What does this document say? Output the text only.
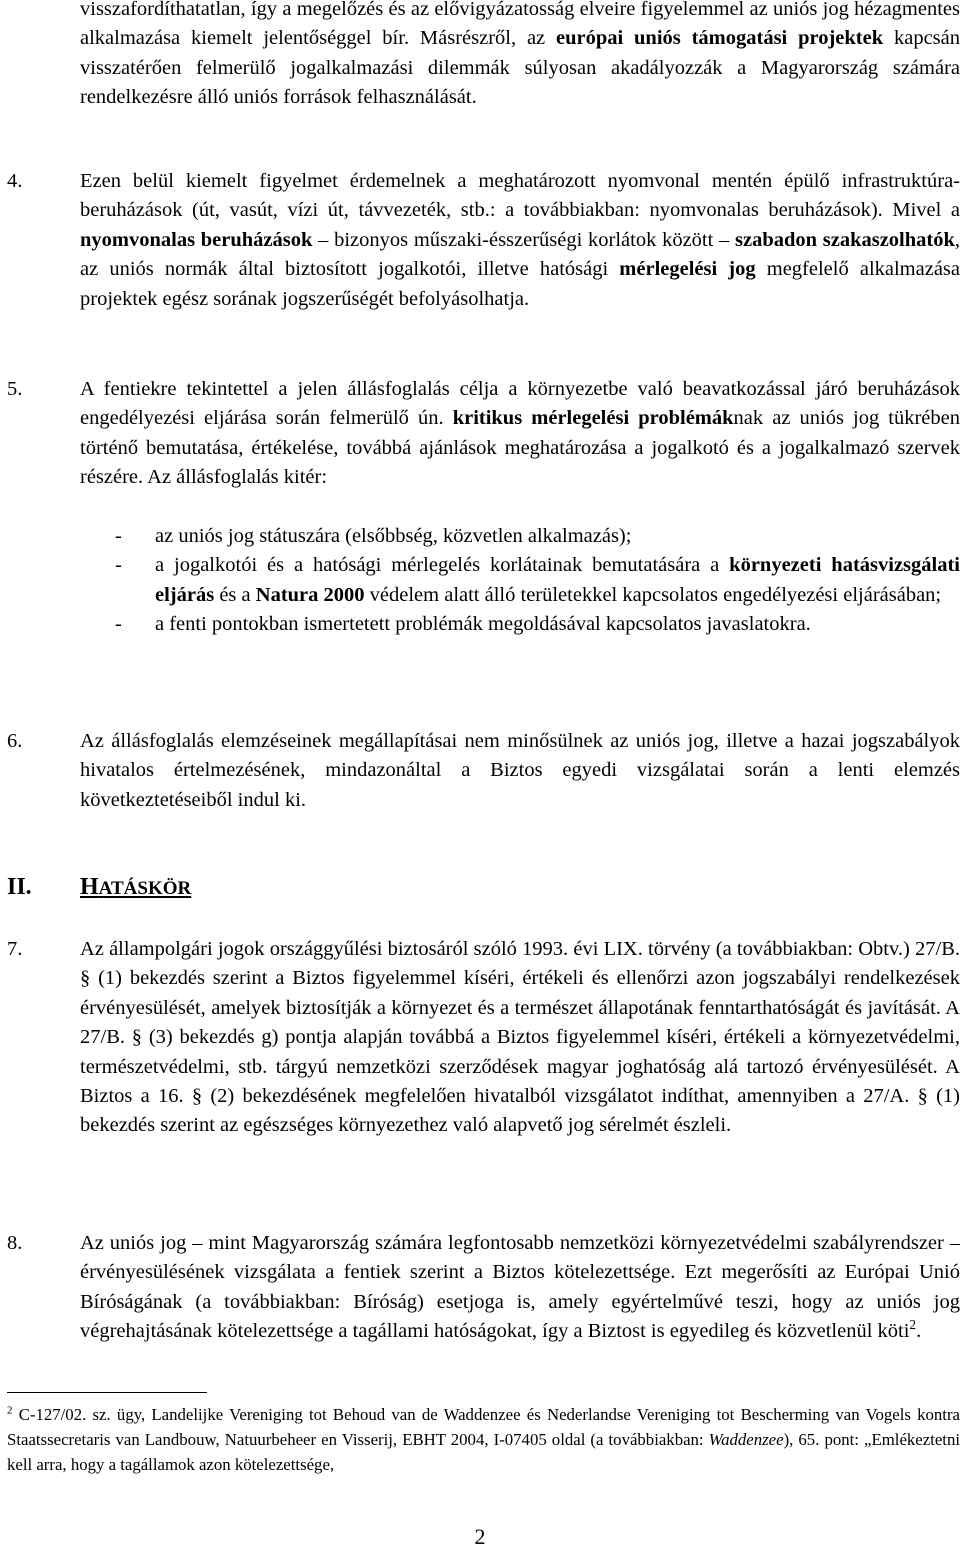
visszafordíthatatlan, így a megelőzés és az elővigyázatosság elveire figyelemmel az uniós jog hézagmentes alkalmazása kiemelt jelentőséggel bír. Másrészről, az európai uniós támogatási projektek kapcsán visszatérően felmerülő jogalkalmazási dilemmák súlyosan akadályozzák a Magyarország számára rendelkezésre álló uniós források felhasználását.

4.	Ezen belül kiemelt figyelmet érdemelnek a meghatározott nyomvonal mentén épülő infrastruktúra-beruházások (út, vasút, vízi út, távvezeték, stb.: a továbbiakban: nyomvonalas beruházások). Mivel a nyomvonalas beruházások – bizonyos műszaki-ésszerűségi korlátok között – szabadon szakaszolhatók, az uniós normák által biztosított jogalkotói, illetve hatósági mérlegelési jog megfelelő alkalmazása projektek egész sorának jogszerűségét befolyásolhatja.

5.	A fentiekre tekintettel a jelen állásfoglalás célja a környezetbe való beavatkozással járó beruházások engedélyezési eljárása során felmerülő ún. kritikus mérlegelési problémáknak az uniós jog tükrében történő bemutatása, értékelése, továbbá ajánlások meghatározása a jogalkotó és a jogalkalmazó szervek részére. Az állásfoglalás kitér:

- az uniós jog státuszára (elsőbbség, közvetlen alkalmazás);
- a jogalkotói és a hatósági mérlegelés korlátainak bemutatására a környezeti hatásvizsgálati eljárás és a Natura 2000 védelem alatt álló területekkel kapcsolatos engedélyezési eljárásában;
- a fenti pontokban ismertetett problémák megoldásával kapcsolatos javaslatokra.
6.	Az állásfoglalás elemzéseinek megállapításai nem minősülnek az uniós jog, illetve a hazai jogszabályok hivatalos értelmezésének, mindazonáltal a Biztos egyedi vizsgálatai során a lenti elemzés következtetéseiből indul ki.

II. HATÁSKÖR
7.	Az állampolgári jogok országgyűlési biztosáról szóló 1993. évi LIX. törvény (a továbbiakban: Obtv.) 27/B. § (1) bekezdés szerint a Biztos figyelemmel kíséri, értékeli és ellenőrzi azon jogszabályi rendelkezések érvényesülését, amelyek biztosítják a környezet és a természet állapotának fenntarthatóságát és javítását. A 27/B. § (3) bekezdés g) pontja alapján továbbá a Biztos figyelemmel kíséri, értékeli a környezetvédelmi, természetvédelmi, stb. tárgyú nemzetközi szerződések magyar joghatóság alá tartozó érvényesülését. A Biztos a 16. § (2) bekezdésének megfelelően hivatalból vizsgálatot indíthat, amennyiben a 27/A. § (1) bekezdés szerint az egészséges környezethez való alapvető jog sérelmét észleli.

8.	Az uniós jog – mint Magyarország számára legfontosabb nemzetközi környezetvédelmi szabályrendszer – érvényesülésének vizsgálata a fentiek szerint a Biztos kötelezettsége. Ezt megerősíti az Európai Unió Bíróságának (a továbbiakban: Bíróság) esetjoga is, amely egyértelművé teszi, hogy az uniós jog végrehajtásának kötelezettsége a tagállami hatóságokat, így a Biztost is egyedileg és közvetlenül köti$^2$.

$^2$ C-127/02. sz. ügy, Landelijke Vereniging tot Behoud van de Waddenzee és Nederlandse Vereniging tot Bescherming van Vogels kontra Staatssecretaris van Landbouw, Natuurbeheer en Visserij, EBHT 2004, I-07405 oldal (a továbbiakban: Waddenzee), 65. pont: „Emlékeztetni kell arra, hogy a tagállamok azon kötelezettsége,
2
